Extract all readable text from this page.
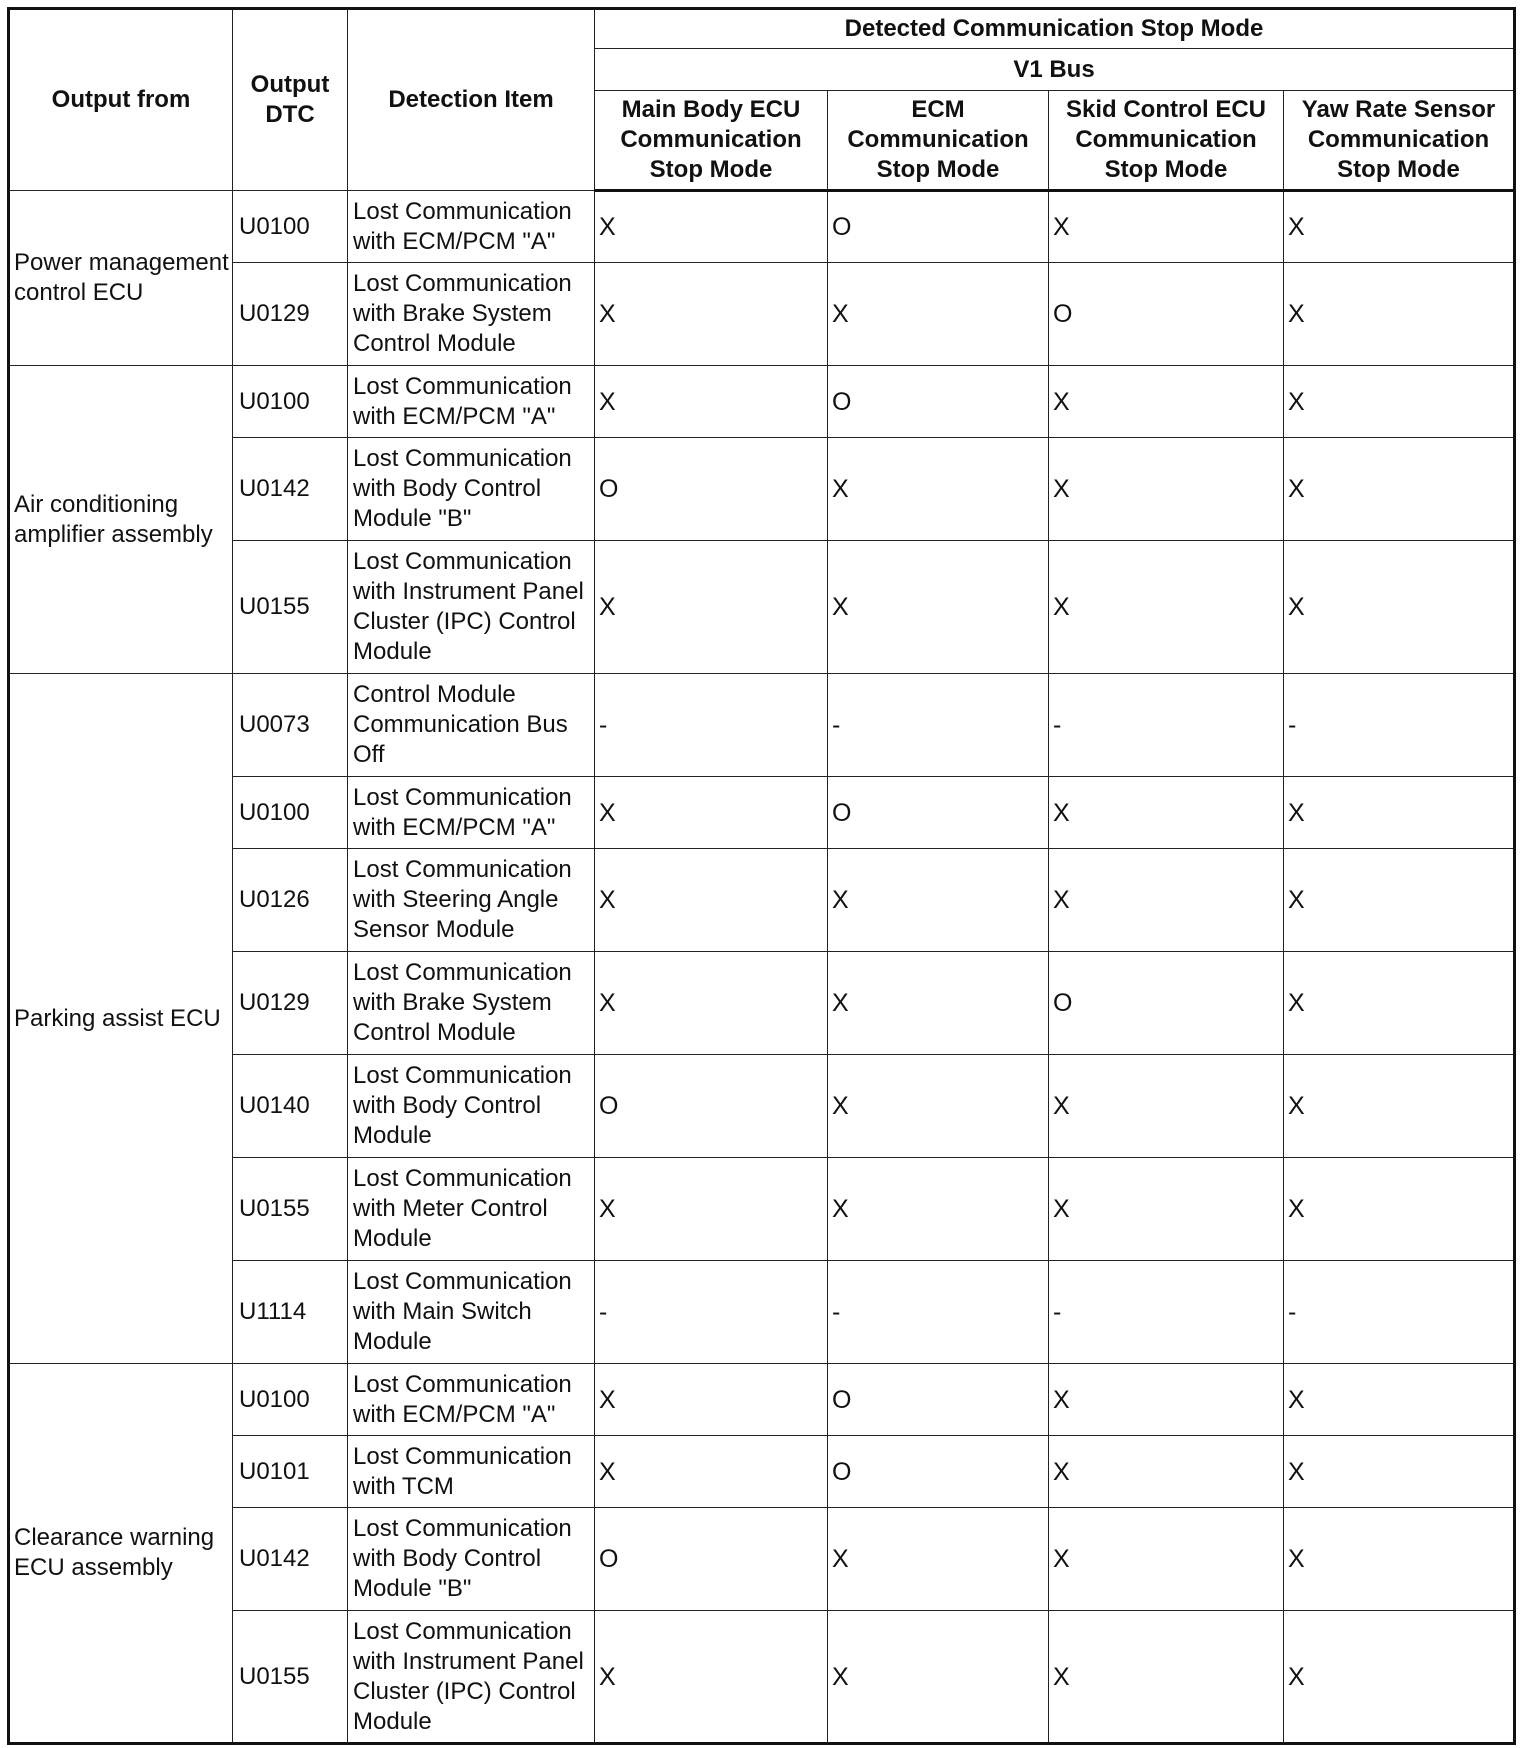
Output from	Output DTC	Detection Item	Detected Communication Stop Mode			

			V1 Bus			

			Main Body ECU Communication Stop Mode	ECM Communication Stop Mode	Skid Control ECU Communication Stop Mode	Yaw Rate Sensor Communication Stop Mode

Power management control ECU	U0100	Lost Communication with ECM/PCM "A"	X	O	X	X
	U0129	Lost Communication with Brake System Control Module	X	X	O	X
Air conditioning amplifier assembly	U0100	Lost Communication with ECM/PCM "A"	X	O	X	X
	U0142	Lost Communication with Body Control Module "B"	O	X	X	X
	U0155	Lost Communication with Instrument Panel Cluster (IPC) Control Module	X	X	X	X
Parking assist ECU	U0073	Control Module Communication Bus Off	-	-	-	-
	U0100	Lost Communication with ECM/PCM "A"	X	O	X	X
	U0126	Lost Communication with Steering Angle Sensor Module	X	X	X	X
	U0129	Lost Communication with Brake System Control Module	X	X	O	X
	U0140	Lost Communication with Body Control Module	O	X	X	X
	U0155	Lost Communication with Meter Control Module	X	X	X	X
	U1114	Lost Communication with Main Switch Module	-	-	-	-
Clearance warning ECU assembly	U0100	Lost Communication with ECM/PCM "A"	X	O	X	X
	U0101	Lost Communication with TCM	X	O	X	X
	U0142	Lost Communication with Body Control Module "B"	O	X	X	X
	U0155	Lost Communication with Instrument Panel Cluster (IPC) Control Module	X	X	X	X
